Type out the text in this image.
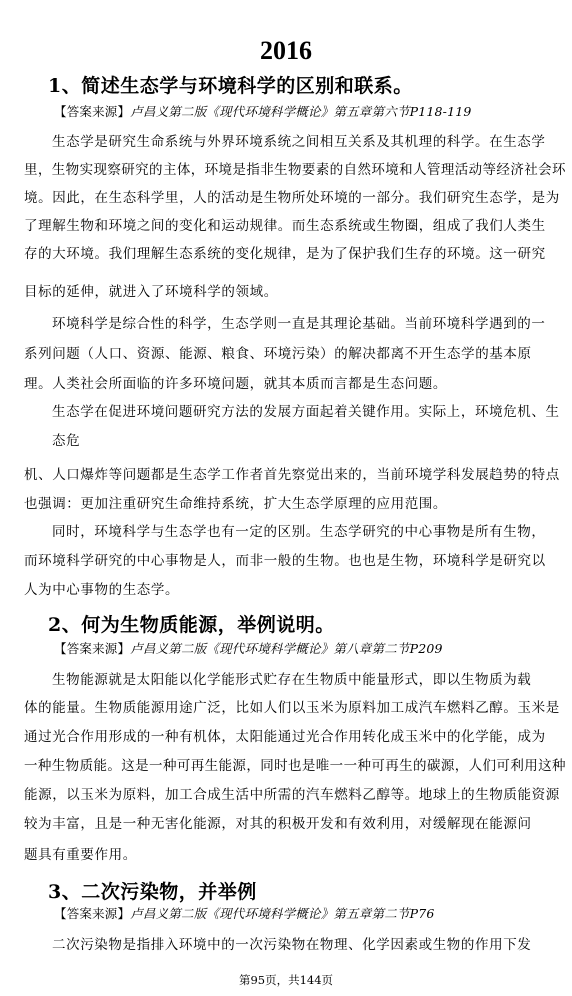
2016
1、简述生态学与环境科学的区别和联系。
【答案来源】卢昌义第二版《现代环境科学概论》第五章第六节P118-119
生态学是研究生命系统与外界环境系统之间相互关系及其机理的科学。在生态学
里，生物实现察研究的主体，环境是指非生物要素的自然环境和人管理活动等经济社会环
境。因此，在生态科学里，人的活动是生物所处环境的一部分。我们研究生态学，是为
了理解生物和环境之间的变化和运动规律。而生态系统或生物圈，组成了我们人类生
存的大环境。我们理解生态系统的变化规律，是为了保护我们生存的环境。这一研究
目标的延伸，就进入了环境科学的领域。
环境科学是综合性的科学，生态学则一直是其理论基础。当前环境科学遇到的一
系列问题（人口、资源、能源、粮食、环境污染）的解决都离不开生态学的基本原
理。人类社会所面临的许多环境问题，就其本质而言都是生态问题。
生态学在促进环境问题研究方法的发展方面起着关键作用。实际上，环境危机、生
态危
机、人口爆炸等问题都是生态学工作者首先察觉出来的，当前环境学科发展趋势的特点
也强调：更加注重研究生命维持系统，扩大生态学原理的应用范围。
同时，环境科学与生态学也有一定的区别。生态学研究的中心事物是所有生物，
而环境科学研究的中心事物是人，而非一般的生物。也也是生物，环境科学是研究以
人为中心事物的生态学。
2、何为生物质能源，举例说明。
【答案来源】卢昌义第二版《现代环境科学概论》第八章第二节P209
生物能源就是太阳能以化学能形式贮存在生物质中能量形式，即以生物质为载
体的能量。生物质能源用途广泛，比如人们以玉米为原料加工成汽车燃料乙醇。玉米是
通过光合作用形成的一种有机体，太阳能通过光合作用转化成玉米中的化学能，成为
一种生物质能。这是一种可再生能源，同时也是唯一一种可再生的碳源，人们可利用这种
能源，以玉米为原料，加工合成生活中所需的汽车燃料乙醇等。地球上的生物质能资源
较为丰富，且是一种无害化能源，对其的积极开发和有效利用，对缓解现在能源问
题具有重要作用。
3、二次污染物，并举例
【答案来源】卢昌义第二版《现代环境科学概论》第五章第二节P76
二次污染物是指排入环境中的一次污染物在物理、化学因素或生物的作用下发
第95页，共144页
